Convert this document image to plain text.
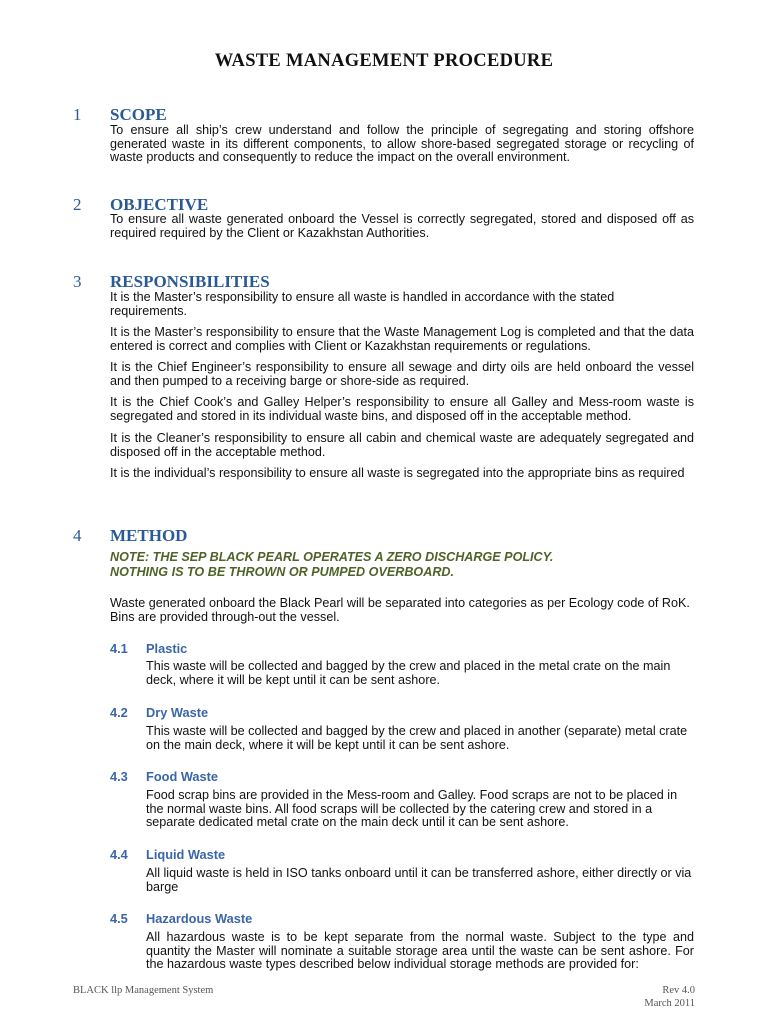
WASTE MANAGEMENT PROCEDURE
1 SCOPE

To ensure all ship’s crew understand and follow the principle of segregating and storing offshore generated waste in its different components, to allow shore-based segregated storage or recycling of waste products and consequently to reduce the impact on the overall environment.

2 OBJECTIVE

To ensure all waste generated onboard the Vessel is correctly segregated, stored and disposed off as required required by the Client or Kazakhstan Authorities.

3 RESPONSIBILITIES

It is the Master’s responsibility to ensure all waste is handled in accordance with the stated requirements.

It is the Master’s responsibility to ensure that the Waste Management Log is completed and that the data entered is correct and complies with Client or Kazakhstan requirements or regulations.

It is the Chief Engineer’s responsibility to ensure all sewage and dirty oils are held onboard the vessel and then pumped to a receiving barge or shore-side as required.

It is the Chief Cook’s and Galley Helper’s responsibility to ensure all Galley and Mess-room waste is segregated and stored in its individual waste bins, and disposed off in the acceptable method.

It is the Cleaner’s responsibility to ensure all cabin and chemical waste are adequately segregated and disposed off in the acceptable method.

It is the individual’s responsibility to ensure all waste is segregated into the appropriate bins as required

4 METHOD
NOTE: THE SEP BLACK PEARL OPERATES A ZERO DISCHARGE POLICY.
NOTHING IS TO BE THROWN OR PUMPED OVERBOARD.

Waste generated onboard the Black Pearl will be separated into categories as per Ecology code of RoK. Bins are provided through-out the vessel.

4.1 Plastic

This waste will be collected and bagged by the crew and placed in the metal crate on the main deck, where it will be kept until it can be sent ashore.

4.2 Dry Waste

This waste will be collected and bagged by the crew and placed in another (separate) metal crate on the main deck, where it will be kept until it can be sent ashore.

4.3 Food Waste

Food scrap bins are provided in the Mess-room and Galley. Food scraps are not to be placed in the normal waste bins. All food scraps will be collected by the catering crew and stored in a separate dedicated metal crate on the main deck until it can be sent ashore.

4.4 Liquid Waste

All liquid waste is held in ISO tanks onboard until it can be transferred ashore, either directly or via barge

4.5 Hazardous Waste

All hazardous waste is to be kept separate from the normal waste. Subject to the type and quantity the Master will nominate a suitable storage area until the waste can be sent ashore. For the hazardous waste types described below individual storage methods are provided for:

BLACK llp Management System	Rev 4.0
March 2011
